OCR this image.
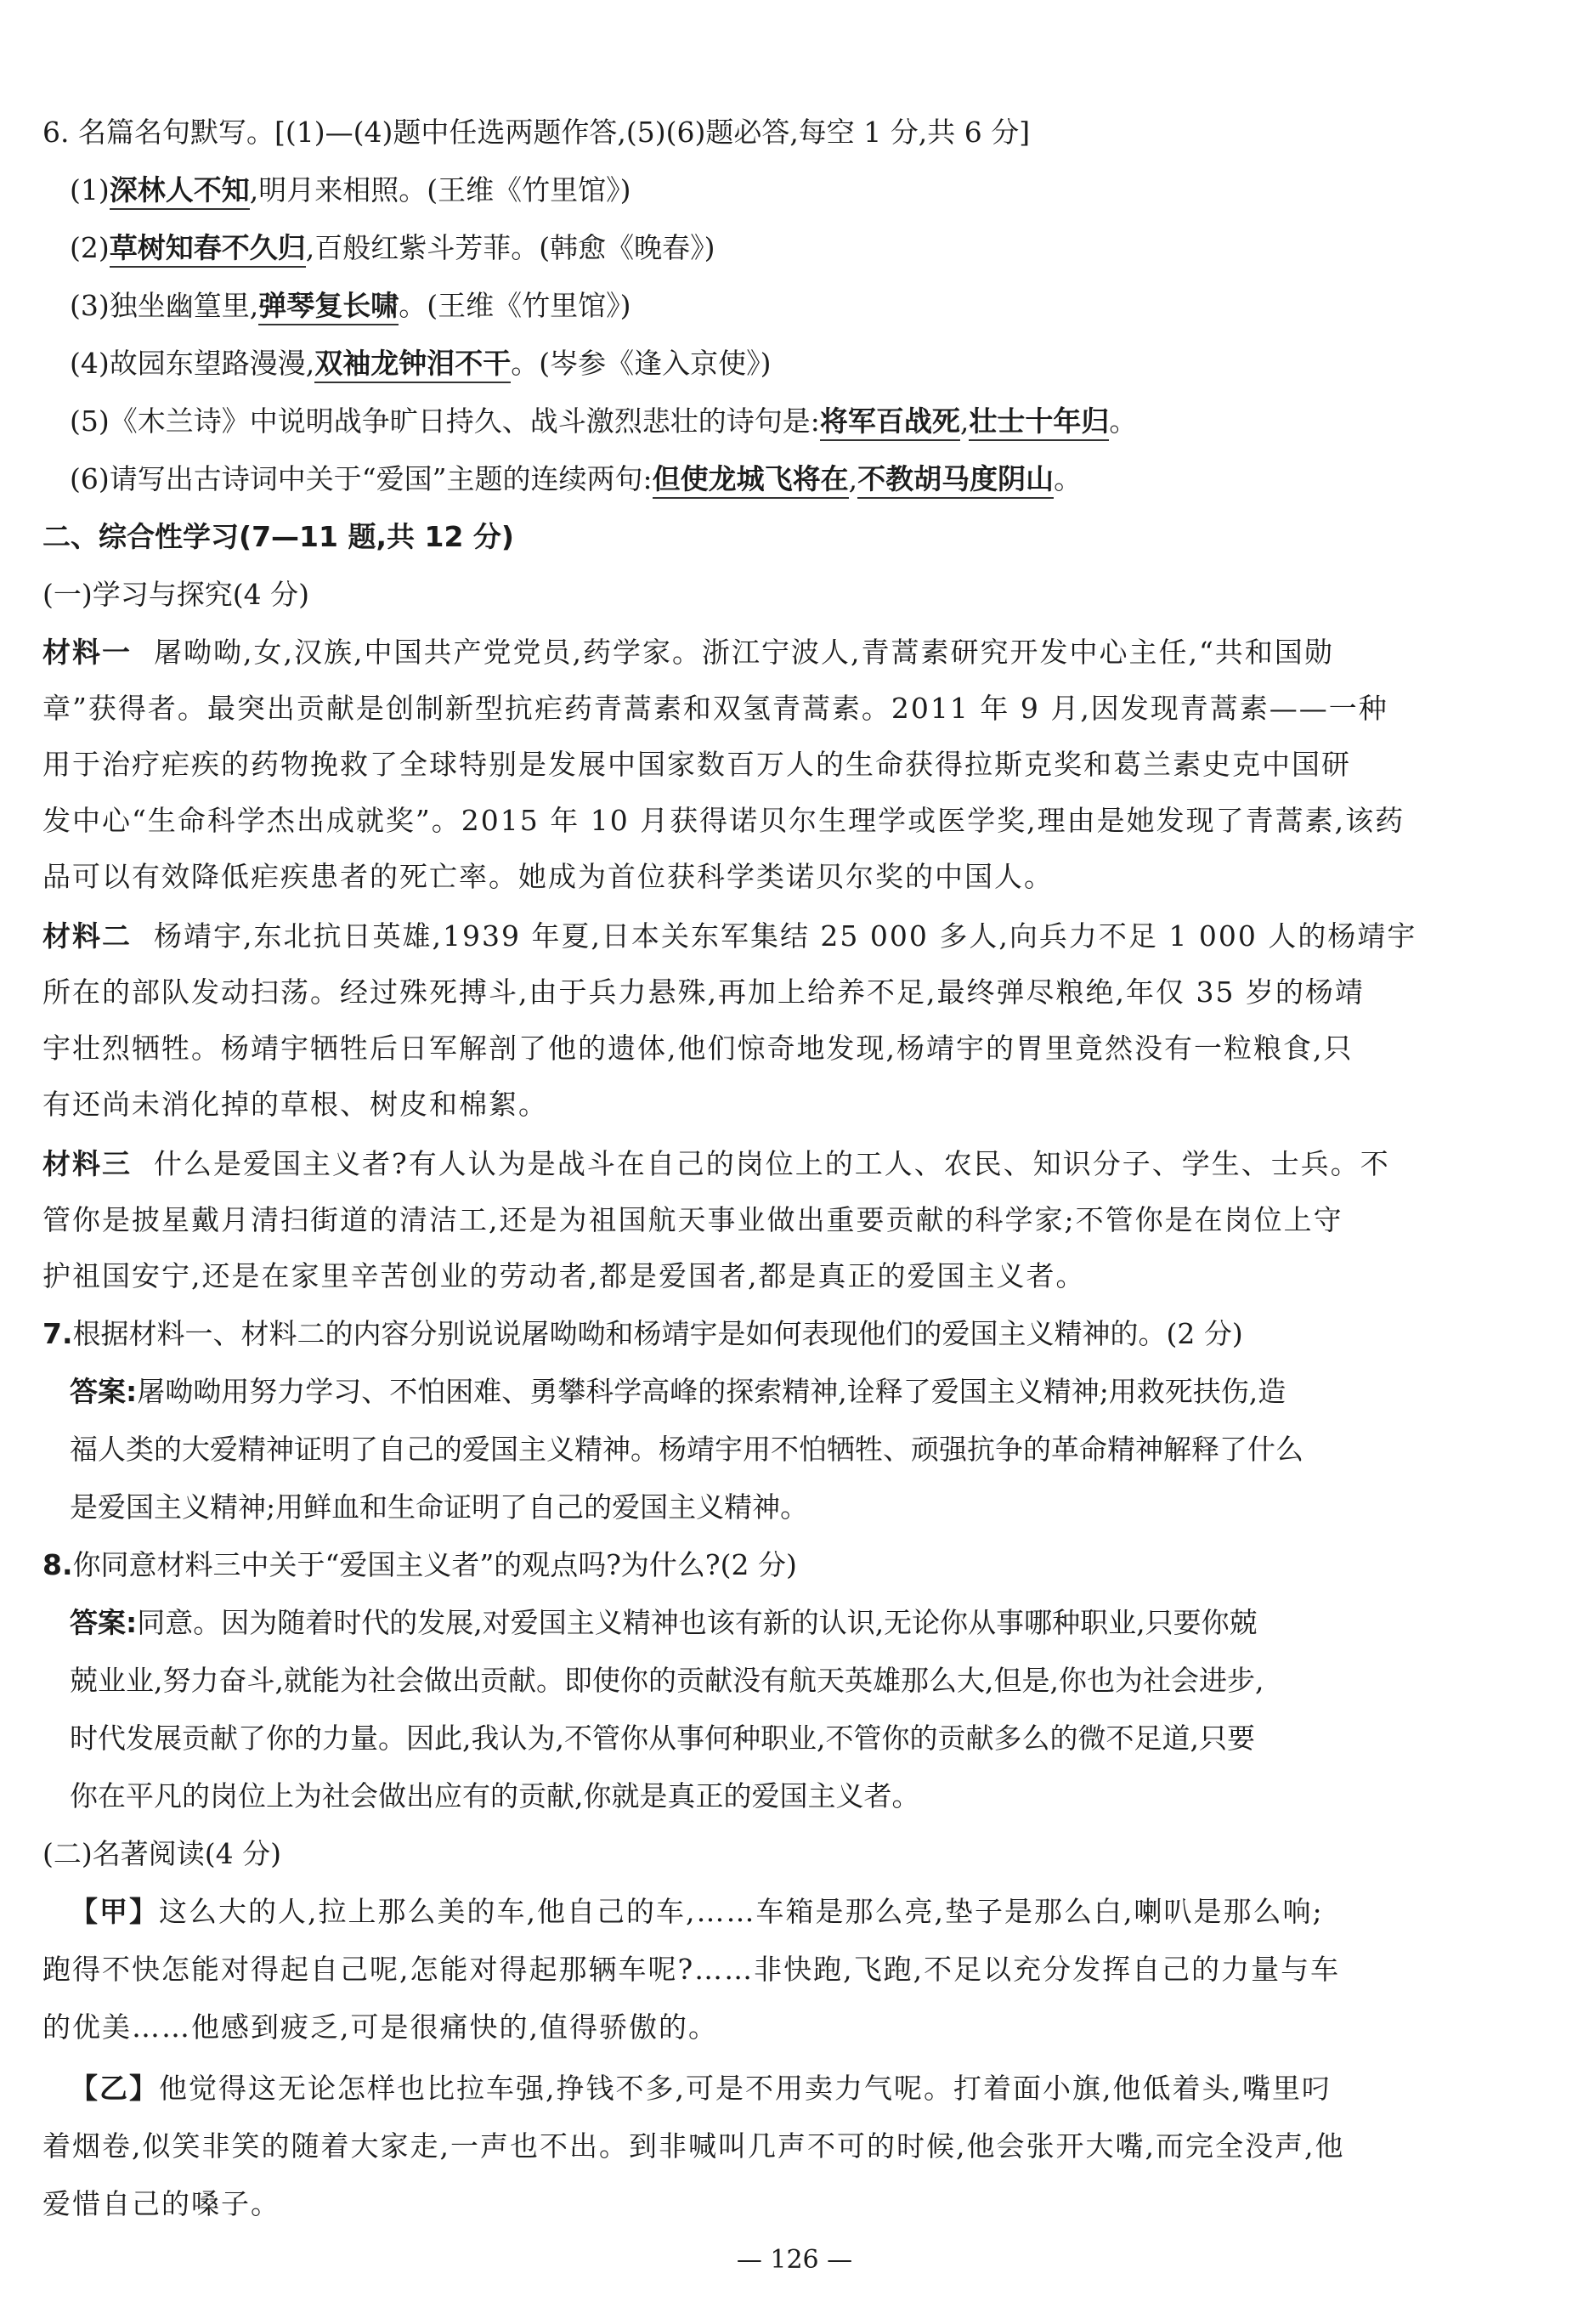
6. 名篇名句默写。[(1)—(4)题中任选两题作答,(5)(6)题必答,每空 1 分,共 6 分]
(1)深林人不知,明月来相照。(王维《竹里馆》)
(2)草树知春不久归,百般红紫斗芳菲。(韩愈《晚春》)
(3)独坐幽篁里,弹琴复长啸。(王维《竹里馆》)
(4)故园东望路漫漫,双袖龙钟泪不干。(岑参《逢入京使》)
(5)《木兰诗》中说明战争旷日持久、战斗激烈悲壮的诗句是:将军百战死,壮士十年归。
(6)请写出古诗词中关于“爱国”主题的连续两句:但使龙城飞将在,不教胡马度阴山。
二、综合性学习(7—11 题,共 12 分)
(一)学习与探究(4 分)
材料一 屠呦呦,女,汉族,中国共产党党员,药学家。浙江宁波人,青蒿素研究开发中心主任,“共和国勋
章”获得者。最突出贡献是创制新型抗疟药青蒿素和双氢青蒿素。2011 年 9 月,因发现青蒿素——一种
用于治疗疟疾的药物挽救了全球特别是发展中国家数百万人的生命获得拉斯克奖和葛兰素史克中国研
发中心“生命科学杰出成就奖”。2015 年 10 月获得诺贝尔生理学或医学奖,理由是她发现了青蒿素,该药
品可以有效降低疟疾患者的死亡率。她成为首位获科学类诺贝尔奖的中国人。
材料二 杨靖宇,东北抗日英雄,1939 年夏,日本关东军集结 25 000 多人,向兵力不足 1 000 人的杨靖宇
所在的部队发动扫荡。经过殊死搏斗,由于兵力悬殊,再加上给养不足,最终弹尽粮绝,年仅 35 岁的杨靖
宇壮烈牺牲。杨靖宇牺牲后日军解剖了他的遗体,他们惊奇地发现,杨靖宇的胃里竟然没有一粒粮食,只
有还尚未消化掉的草根、树皮和棉絮。
材料三 什么是爱国主义者?有人认为是战斗在自己的岗位上的工人、农民、知识分子、学生、士兵。不
管你是披星戴月清扫街道的清洁工,还是为祖国航天事业做出重要贡献的科学家;不管你是在岗位上守
护祖国安宁,还是在家里辛苦创业的劳动者,都是爱国者,都是真正的爱国主义者。
7.根据材料一、材料二的内容分别说说屠呦呦和杨靖宇是如何表现他们的爱国主义精神的。(2 分)
答案:屠呦呦用努力学习、不怕困难、勇攀科学高峰的探索精神,诠释了爱国主义精神;用救死扶伤,造
福人类的大爱精神证明了自己的爱国主义精神。杨靖宇用不怕牺牲、顽强抗争的革命精神解释了什么
是爱国主义精神;用鲜血和生命证明了自己的爱国主义精神。
8.你同意材料三中关于“爱国主义者”的观点吗?为什么?(2 分)
答案:同意。因为随着时代的发展,对爱国主义精神也该有新的认识,无论你从事哪种职业,只要你兢
兢业业,努力奋斗,就能为社会做出贡献。即使你的贡献没有航天英雄那么大,但是,你也为社会进步,
时代发展贡献了你的力量。因此,我认为,不管你从事何种职业,不管你的贡献多么的微不足道,只要
你在平凡的岗位上为社会做出应有的贡献,你就是真正的爱国主义者。
(二)名著阅读(4 分)
【甲】这么大的人,拉上那么美的车,他自己的车,……车箱是那么亮,垫子是那么白,喇叭是那么响;
跑得不快怎能对得起自己呢,怎能对得起那辆车呢?……非快跑,飞跑,不足以充分发挥自己的力量与车
的优美……他感到疲乏,可是很痛快的,值得骄傲的。
【乙】他觉得这无论怎样也比拉车强,挣钱不多,可是不用卖力气呢。打着面小旗,他低着头,嘴里叼
着烟卷,似笑非笑的随着大家走,一声也不出。到非喊叫几声不可的时候,他会张开大嘴,而完全没声,他
爱惜自己的嗓子。
— 126 —
